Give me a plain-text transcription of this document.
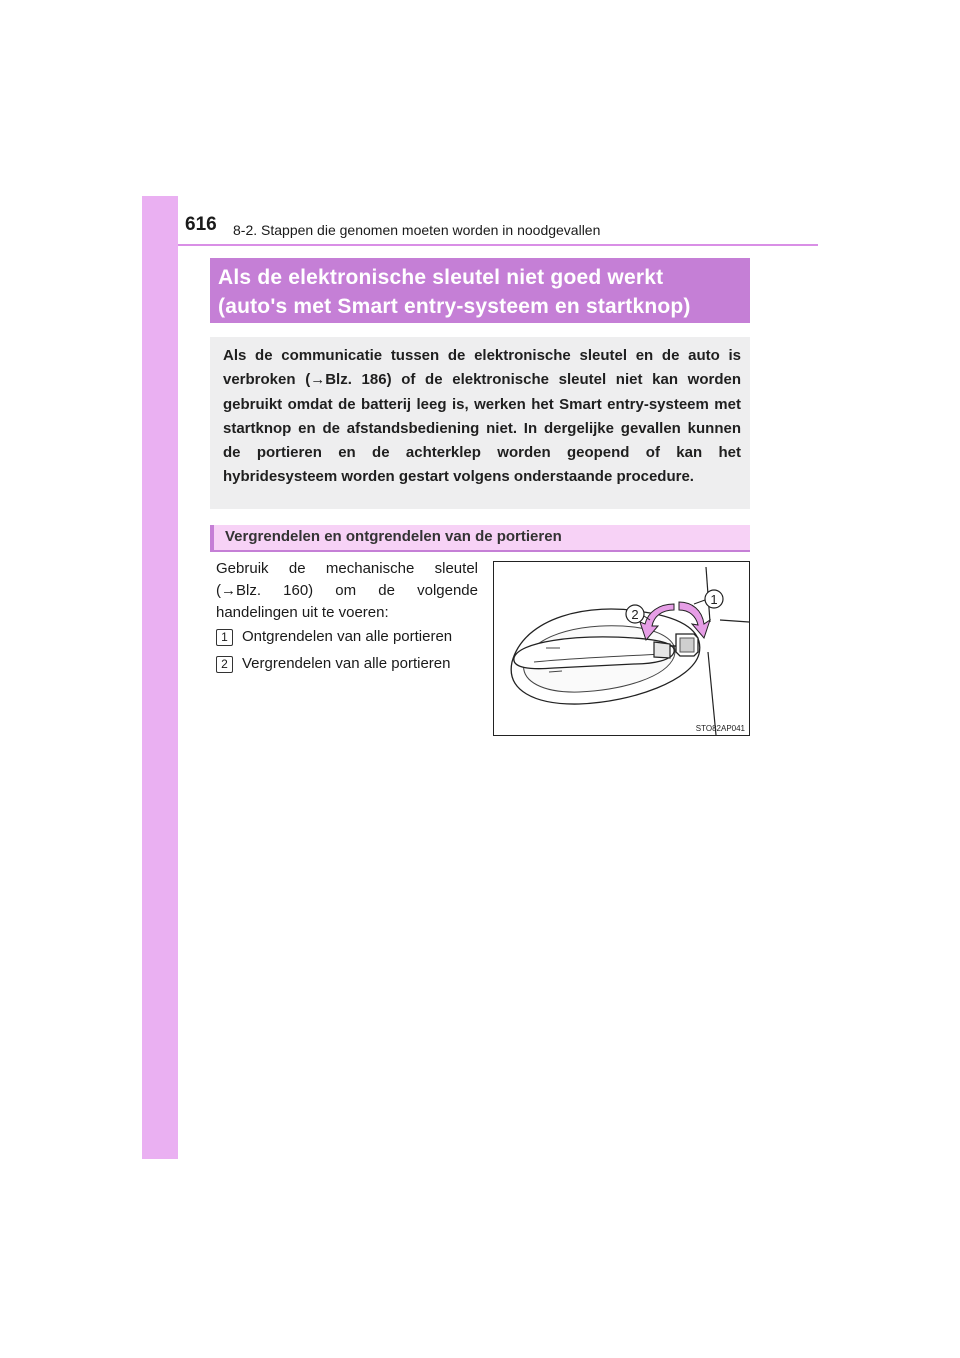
616 8-2. Stappen die genomen moeten worden in noodgevallen
Als de elektronische sleutel niet goed werkt
(auto's met Smart entry-systeem en startknop)
Als de communicatie tussen de elektronische sleutel en de auto is verbroken (→Blz. 186) of de elektronische sleutel niet kan worden gebruikt omdat de batterij leeg is, werken het Smart entry-systeem met startknop en de afstandsbediening niet. In dergelijke gevallen kunnen de portieren en de achterklep worden geopend of kan het hybridesysteem worden gestart volgens onderstaande procedure.
Vergrendelen en ontgrendelen van de portieren
Gebruik de mechanische sleutel (→Blz. 160) om de volgende handelingen uit te voeren:
1 Ontgrendelen van alle portieren
2 Vergrendelen van alle portieren
1
2
STO82AP041
